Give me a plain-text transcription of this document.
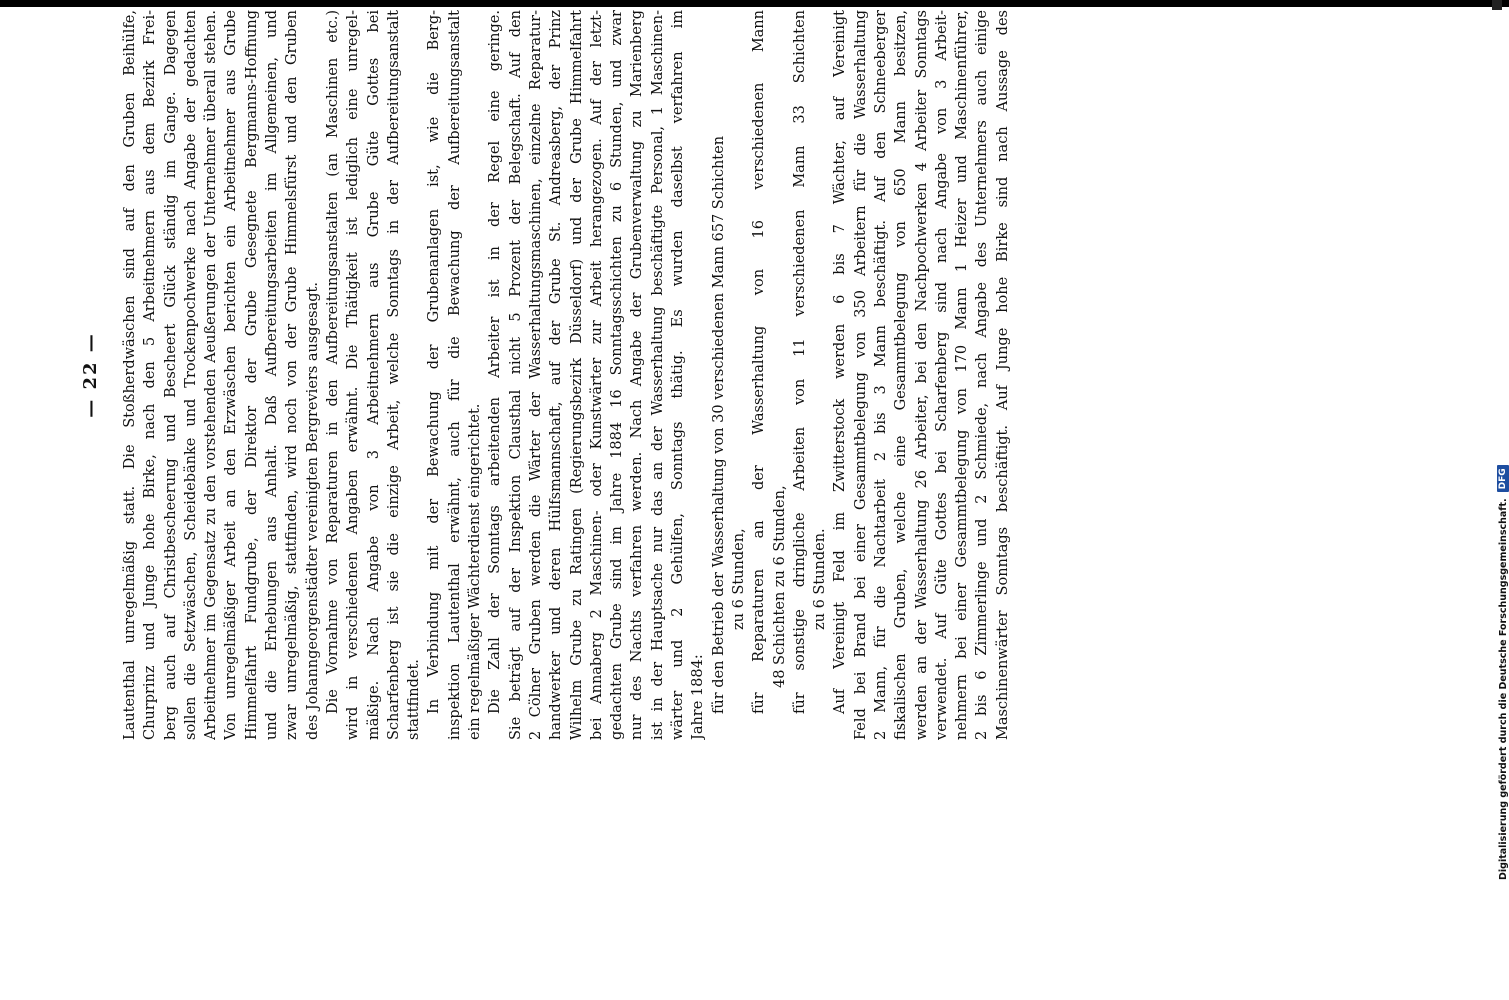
— 22 —	Lautenthal unregelmäßig statt. Die Stoßherdwäschen sind auf den Gruben Beihülfe, Churprinz und Junge hohe Birke, nach den 5 Arbeitnehmern aus dem Bezirk Frei- berg auch auf Christbescheerung und Bescheert Glück ständig im Gange. Dagegen sollen die Setzwäschen, Scheidebänke und Trockenpochwerke nach Angabe der gedachten Arbeitnehmer im Gegensatz zu den vorstehenden Aeußerungen der Unternehmer überall stehen. Von unregelmäßiger Arbeit an den Erzwäschen berichten ein Arbeitnehmer aus Grube Himmelfahrt Fundgrube, der Direktor der Grube Gesegnete Bergmanns-Hoffnung und die Erhebungen aus Anhalt. Daß Aufbereitungsarbeiten im Allgemeinen, und zwar unregelmäßig, stattfinden, wird noch von der Grube Himmelsfürst und den Gruben des Johanngeorgenstädter vereinigten Bergreviers ausgesagt. Die Vornahme von Reparaturen in den Aufbereitungsanstalten (an Maschinen etc.) wird in verschiedenen Angaben erwähnt. Die Thätigkeit ist lediglich eine unregel- mäßige. Nach Angabe von 3 Arbeitnehmern aus Grube Güte Gottes bei Scharfenberg ist sie die einzige Arbeit, welche Sonntags in der Aufbereitungsanstalt stattfindet. In Verbindung mit der Bewachung der Grubenanlagen ist, wie die Berg- inspektion Lautenthal erwähnt, auch für die Bewachung der Aufbereitungsanstalt ein regelmäßiger Wächterdienst eingerichtet. Die Zahl der Sonntags arbeitenden Arbeiter ist in der Regel eine geringe. Sie beträgt auf der Inspektion Clausthal nicht 5 Prozent der Belegschaft. Auf den 2 Cölner Gruben werden die Wärter der Wasserhaltungsmaschinen, einzelne Reparatur- handwerker und deren Hülfsmannschaft, auf der Grube St. Andreasberg, der Prinz Wilhelm Grube zu Ratingen (Regierungsbezirk Düsseldorf) und der Grube Himmelfahrt bei Annaberg 2 Maschinen- oder Kunstwärter zur Arbeit herangezogen. Auf der letzt- gedachten Grube sind im Jahre 1884 16 Sonntagsschichten zu 6 Stunden, und zwar nur des Nachts verfahren werden. Nach Angabe der Grubenverwaltung zu Marienberg ist in der Hauptsache nur das an der Wasserhaltung beschäftigte Personal, 1 Maschinen- wärter und 2 Gehülfen, Sonntags thätig. Es wurden daselbst verfahren im Jahre 1884: für den Betrieb der Wasserhaltung von 30 verschiedenen Mann 657 Schichten zu 6 Stunden, für Reparaturen an der Wasserhaltung von 16 verschiedenen Mann 48 Schichten zu 6 Stunden, für sonstige dringliche Arbeiten von 11 verschiedenen Mann 33 Schichten zu 6 Stunden. Auf Vereinigt Feld im Zwitterstock werden 6 bis 7 Wächter, auf Vereinigt Feld bei Brand bei einer Gesammtbelegung von 350 Arbeitern für die Wasserhaltung 2 Mann, für die Nachtarbeit 2 bis 3 Mann beschäftigt. Auf den Schneeberger fiskalischen Gruben, welche eine Gesammtbelegung von 650 Mann besitzen, werden an der Wasserhaltung 26 Arbeiter, bei den Nachpochwerken 4 Arbeiter Sonntags verwendet. Auf Güte Gottes bei Scharfenberg sind nach Angabe von 3 Arbeit- nehmern bei einer Gesammtbelegung von 170 Mann 1 Heizer und Maschinenführer, 2 bis 6 Zimmerlinge und 2 Schmiede, nach Angabe des Unternehmers auch einige Maschinenwärter Sonntags beschäftigt. Auf Junge hohe Birke sind nach Aussage des	Digitalisierung gefördert durch die Deutsche Forschungsgemeinschaft.
DFG
